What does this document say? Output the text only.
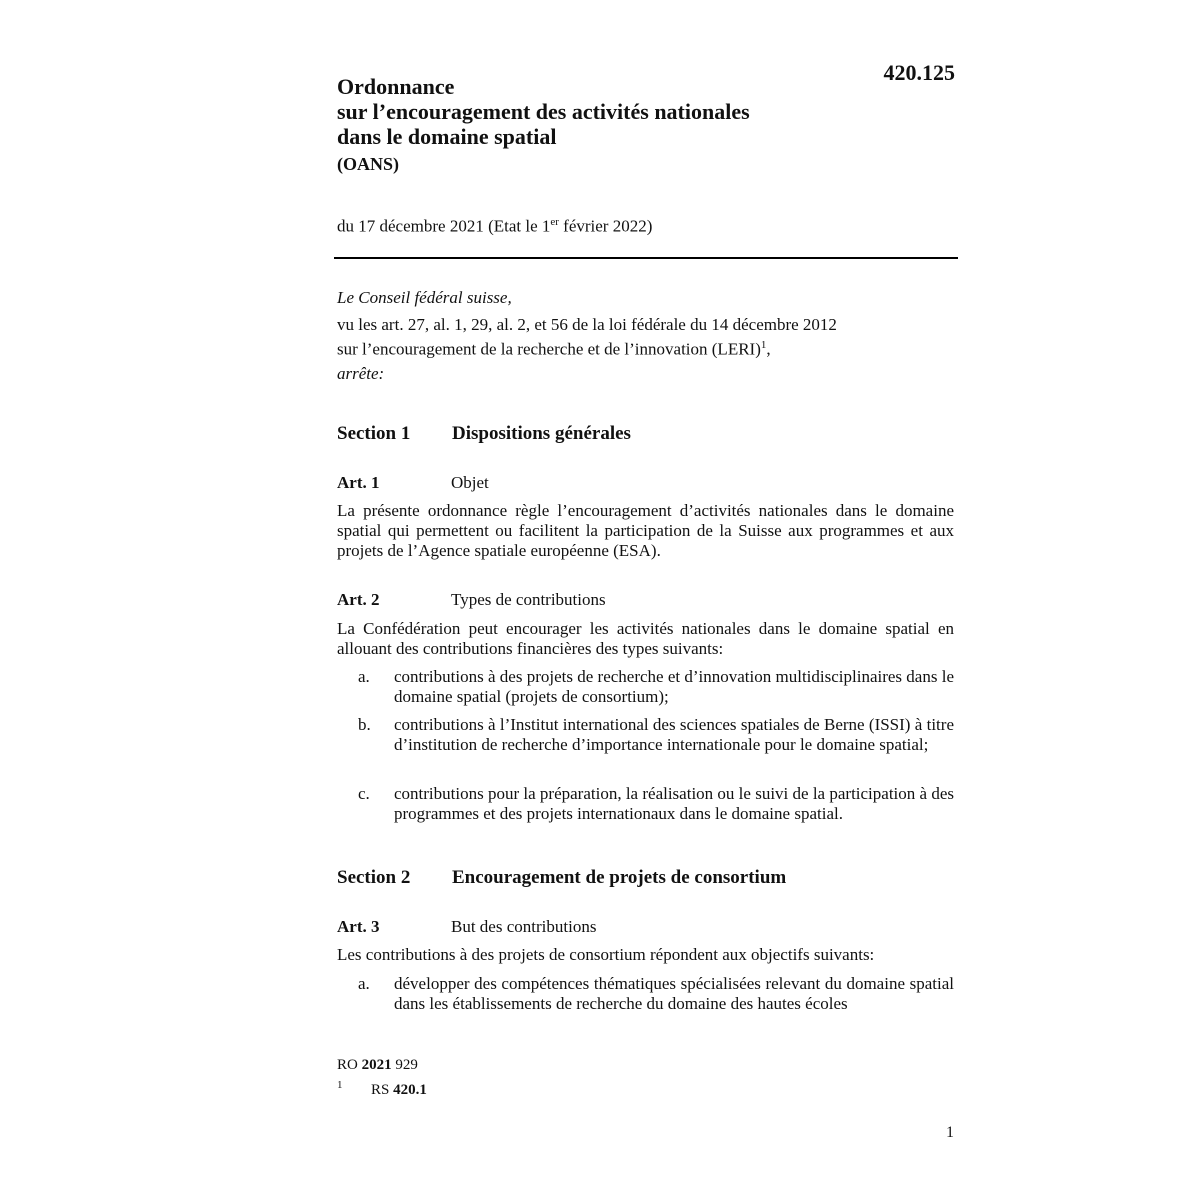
420.125
Ordonnance
sur l’encouragement des activités nationales
dans le domaine spatial
(OANS)
du 17 décembre 2021 (Etat le 1er février 2022)
Le Conseil fédéral suisse,
vu les art. 27, al. 1, 29, al. 2, et 56 de la loi fédérale du 14 décembre 2012
sur l’encouragement de la recherche et de l’innovation (LERI)$^1$,
arrête:
Section 1 Dispositions générales
Art. 1	Objet
La présente ordonnance règle l’encouragement d’activités nationales dans le domaine spatial qui permettent ou facilitent la participation de la Suisse aux programmes et aux projets de l’Agence spatiale européenne (ESA).
Art. 2	Types de contributions
La Confédération peut encourager les activités nationales dans le domaine spatial en allouant des contributions financières des types suivants:
a. contributions à des projets de recherche et d’innovation multidisciplinaires dans le domaine spatial (projets de consortium);
b. contributions à l’Institut international des sciences spatiales de Berne (ISSI) à titre d’institution de recherche d’importance internationale pour le domaine spatial;
c. contributions pour la préparation, la réalisation ou le suivi de la participation à des programmes et des projets internationaux dans le domaine spatial.
Section 2 Encouragement de projets de consortium
Art. 3	But des contributions
Les contributions à des projets de consortium répondent aux objectifs suivants:
a. développer des compétences thématiques spécialisées relevant du domaine spatial dans les établissements de recherche du domaine des hautes écoles
RO 2021 929
1 RS 420.1
1
